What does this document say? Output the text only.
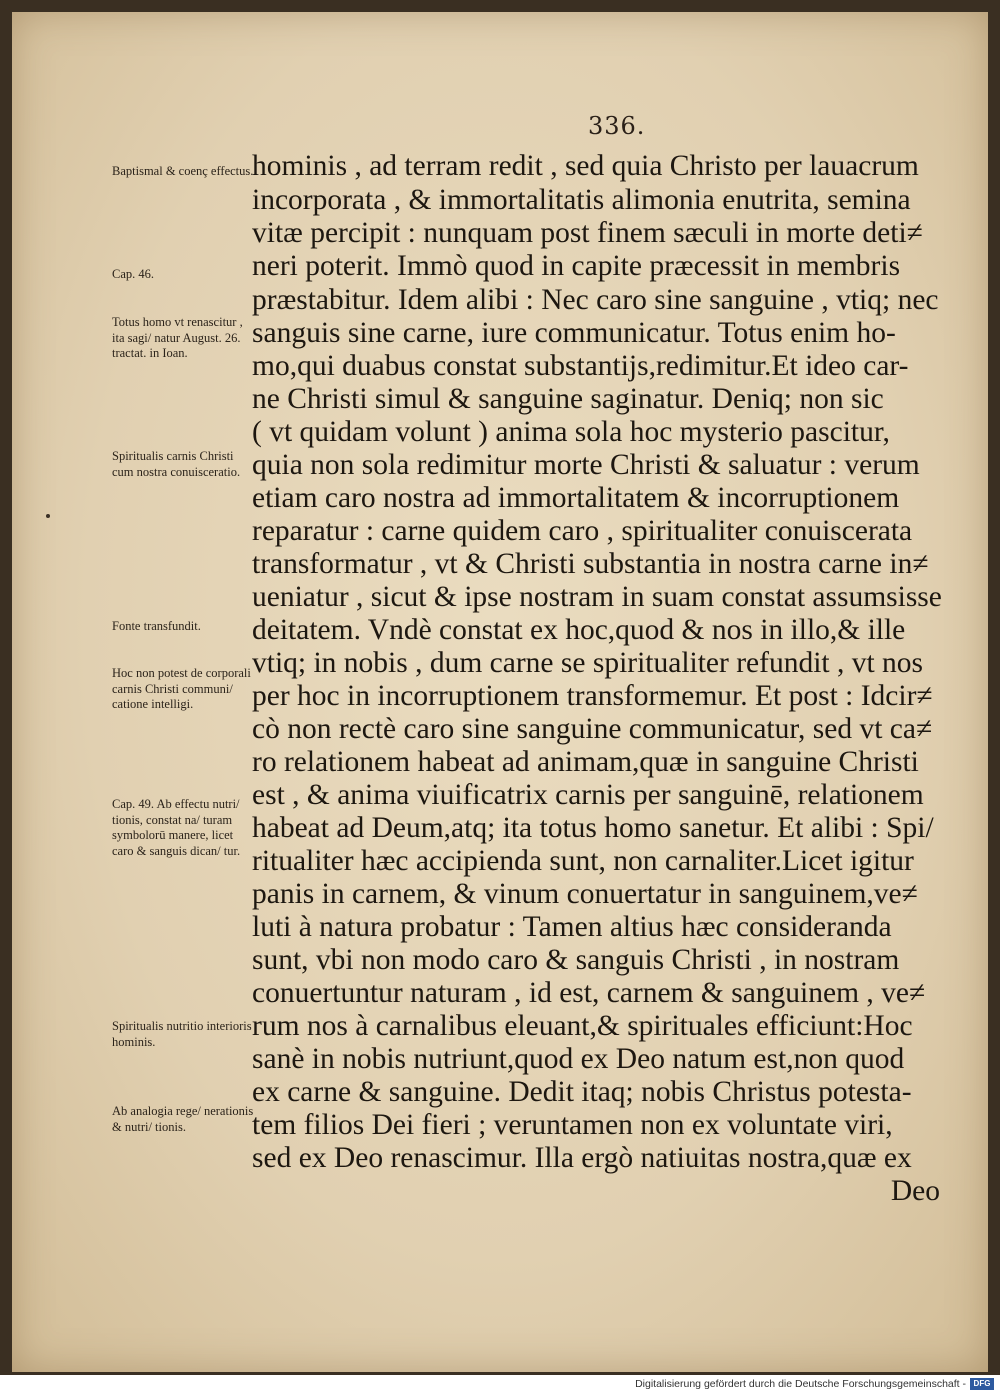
336.
hominis , ad terram redit , sed quia Christo per lauacrum
incorporata , & immortalitatis alimonia enutrita, semina
vitæ percipit : nunquam post finem sæculi in morte deti≠
neri poterit. Immò quod in capite præcessit in membris
præstabitur. Idem alibi : Nec caro sine sanguine , vtiq; nec
sanguis sine carne, iure communicatur. Totus enim ho-
mo,qui duabus constat substantijs,redimitur.Et ideo car-
ne Christi simul & sanguine saginatur. Deniq; non sic
( vt quidam volunt ) anima sola hoc mysterio pascitur,
quia non sola redimitur morte Christi & saluatur : verum
etiam caro nostra ad immortalitatem & incorruptionem
reparatur : carne quidem caro , spiritualiter conuiscerata
transformatur , vt & Christi substantia in nostra carne in≠
ueniatur , sicut & ipse nostram in suam constat assumsisse
deitatem. Vndè constat ex hoc,quod & nos in illo,& ille
vtiq; in nobis , dum carne se spiritualiter refundit , vt nos
per hoc in incorruptionem transformemur. Et post : Idcir≠
cò non rectè caro sine sanguine communicatur, sed vt ca≠
ro relationem habeat ad animam,quæ in sanguine Christi
est , & anima viuificatrix carnis per sanguinē, relationem
habeat ad Deum,atq; ita totus homo sanetur. Et alibi : Spi/
ritualiter hæc accipienda sunt, non carnaliter.Licet igitur
panis in carnem, & vinum conuertatur in sanguinem,ve≠
luti à natura probatur : Tamen altius hæc consideranda
sunt, vbi non modo caro & sanguis Christi , in nostram
conuertuntur naturam , id est, carnem & sanguinem , ve≠
rum nos à carnalibus eleuant,& spirituales efficiunt:Hoc
sanè in nobis nutriunt,quod ex Deo natum est,non quod
ex carne & sanguine. Dedit itaq; nobis Christus potesta-
tem filios Dei fieri ; veruntamen non ex voluntate viri,
sed ex Deo renascimur. Illa ergò natiuitas nostra,quæ ex
Deo
Baptismal & coenç effectus.
Cap. 46.
Totus homo vt renascitur , ita sagi/ natur August. 26. tractat. in Ioan.
Spiritualis carnis Christi cum nostra conuisceratio.
Fonte transfundit.
Hoc non potest de corporali carnis Christi communi/ catione intelligi.
Cap. 49. Ab effectu nutri/ tionis, constat na/ turam symbolorū manere, licet caro & sanguis dican/ tur.
Spiritualis nutritio interioris hominis.
Ab analogia rege/ nerationis & nutri/ tionis.
Digitalisierung gefördert durch die Deutsche Forschungsgemeinschaft - DFG
